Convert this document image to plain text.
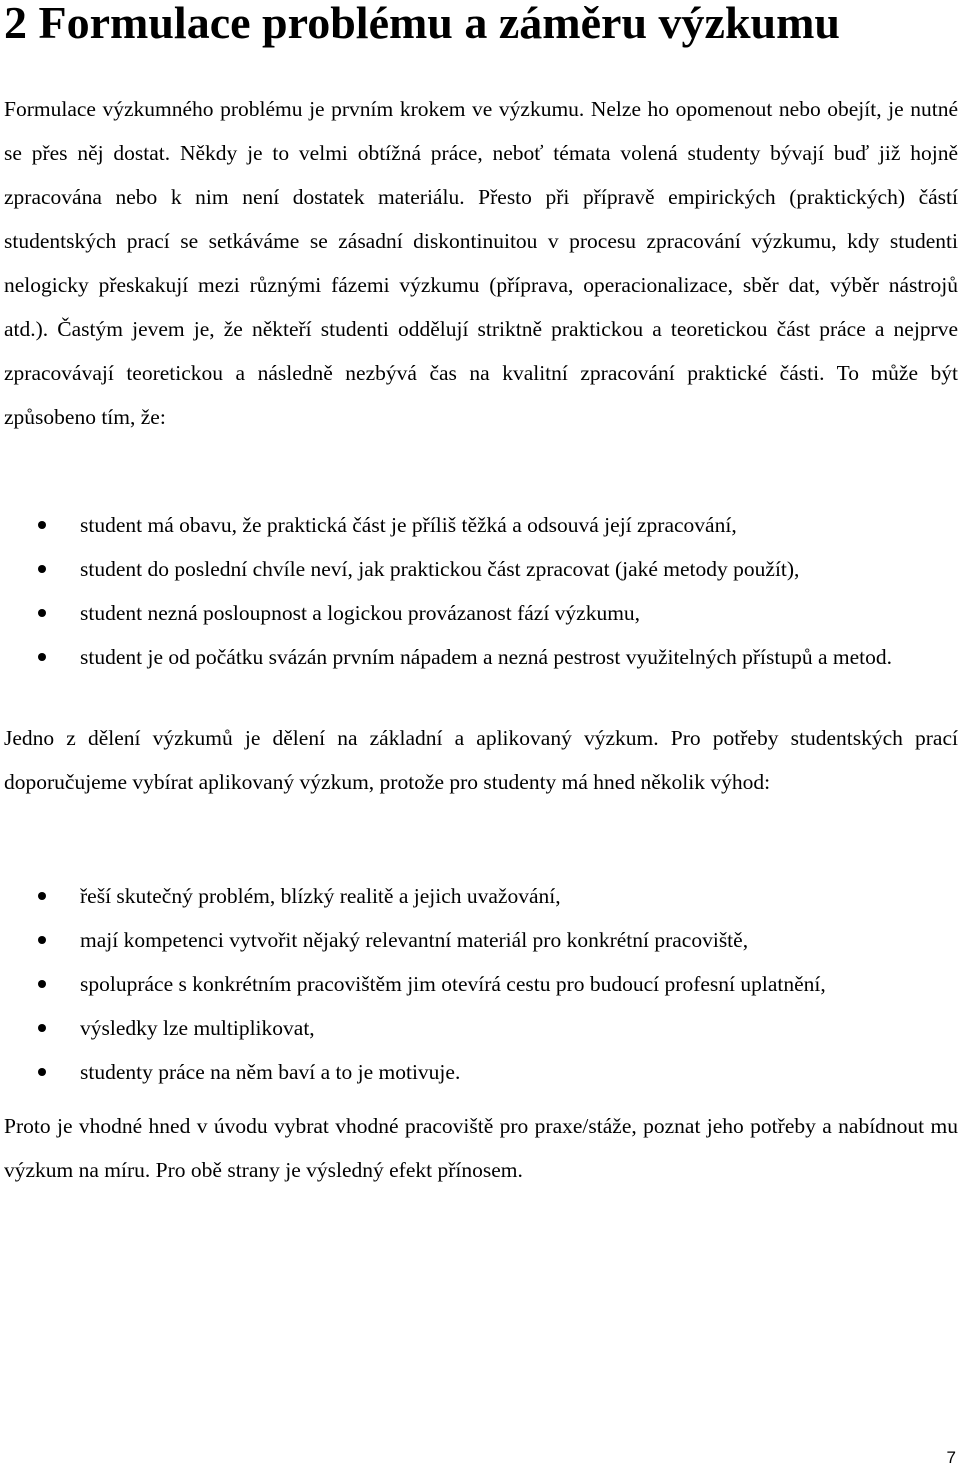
2 Formulace problému a záměru výzkumu

Formulace výzkumného problému je prvním krokem ve výzkumu. Nelze ho opomenout nebo obejít, je nutné se přes něj dostat. Někdy je to velmi obtížná práce, neboť témata volená studenty bývají buď již hojně zpracována nebo k nim není dostatek materiálu. Přesto při přípravě empirických (praktických) částí studentských prací se setkáváme se zásadní diskontinuitou v procesu zpracování výzkumu, kdy studenti nelogicky přeskakují mezi různými fázemi výzkumu (příprava, operacionalizace, sběr dat, výběr nástrojů atd.). Častým jevem je, že někteří studenti oddělují striktně praktickou a teoretickou část práce a nejprve zpracovávají teoretickou a následně nezbývá čas na kvalitní zpracování praktické části. To může být způsobeno tím, že:

student má obavu, že praktická část je příliš těžká a odsouvá její zpracování,
student do poslední chvíle neví, jak praktickou část zpracovat (jaké metody použít),
student nezná posloupnost a logickou provázanost fází výzkumu,
student je od počátku svázán prvním nápadem a nezná pestrost využitelných přístupů a metod.

Jedno z dělení výzkumů je dělení na základní a aplikovaný výzkum. Pro potřeby studentských prací doporučujeme vybírat aplikovaný výzkum, protože pro studenty má hned několik výhod:

řeší skutečný problém, blízký realitě a jejich uvažování,
mají kompetenci vytvořit nějaký relevantní materiál pro konkrétní pracoviště,
spolupráce s konkrétním pracovištěm jim otevírá cestu pro budoucí profesní uplatnění,
výsledky lze multiplikovat,
studenty práce na něm baví a to je motivuje.

Proto je vhodné hned v úvodu vybrat vhodné pracoviště pro praxe/stáže, poznat jeho potřeby a nabídnout mu výzkum na míru. Pro obě strany je výsledný efekt přínosem.

7
